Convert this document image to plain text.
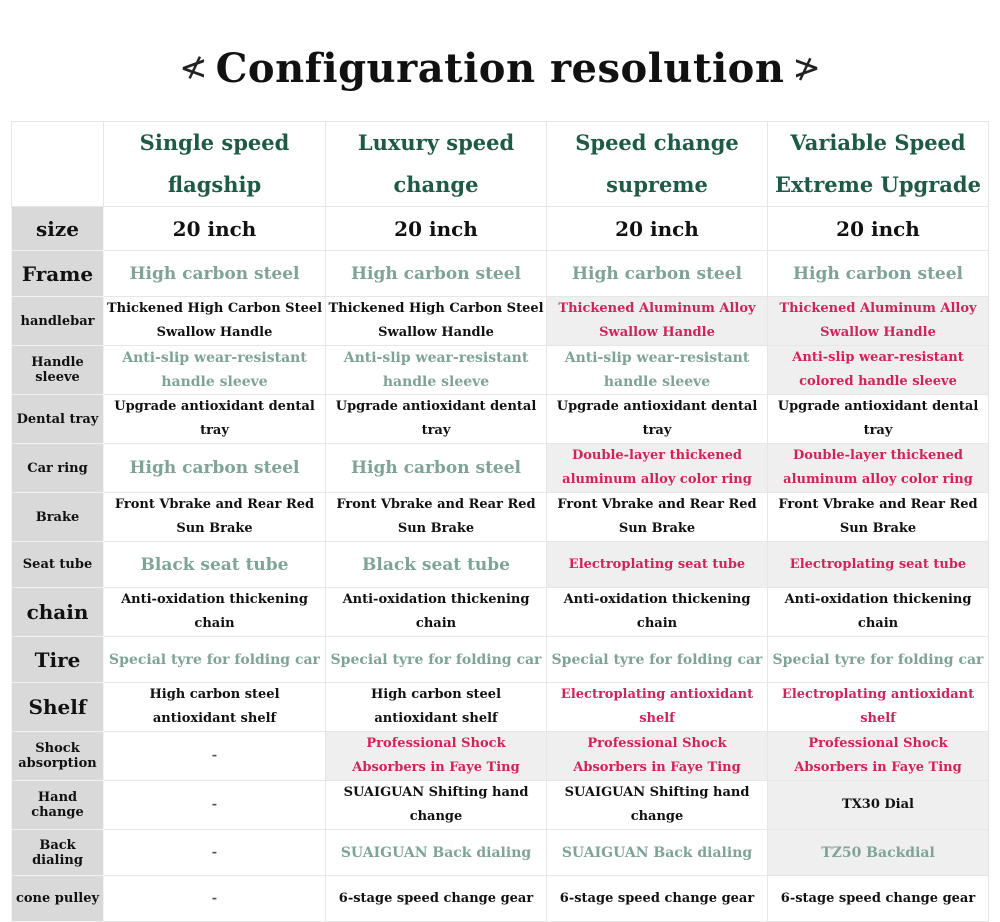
≮ Configuration resolution ≯
	Single speed flagship	Luxury speed change	Speed change supreme	Variable Speed Extreme Upgrade
size	20 inch	20 inch	20 inch	20 inch
Frame	High carbon steel	High carbon steel	High carbon steel	High carbon steel
handlebar	Thickened High Carbon Steel Swallow Handle	Thickened High Carbon Steel Swallow Handle	Thickened Aluminum Alloy Swallow Handle	Thickened Aluminum Alloy Swallow Handle
Handle sleeve	Anti-slip wear-resistant handle sleeve	Anti-slip wear-resistant handle sleeve	Anti-slip wear-resistant handle sleeve	Anti-slip wear-resistant colored handle sleeve
Dental tray	Upgrade antioxidant dental tray	Upgrade antioxidant dental tray	Upgrade antioxidant dental tray	Upgrade antioxidant dental tray
Car ring	High carbon steel	High carbon steel	Double-layer thickened aluminum alloy color ring	Double-layer thickened aluminum alloy color ring
Brake	Front Vbrake and Rear Red Sun Brake	Front Vbrake and Rear Red Sun Brake	Front Vbrake and Rear Red Sun Brake	Front Vbrake and Rear Red Sun Brake
Seat tube	Black seat tube	Black seat tube	Electroplating seat tube	Electroplating seat tube
chain	Anti-oxidation thickening chain	Anti-oxidation thickening chain	Anti-oxidation thickening chain	Anti-oxidation thickening chain
Tire	Special tyre for folding car	Special tyre for folding car	Special tyre for folding car	Special tyre for folding car
Shelf	High carbon steel antioxidant shelf	High carbon steel antioxidant shelf	Electroplating antioxidant shelf	Electroplating antioxidant shelf
Shock absorption	-	Professional Shock Absorbers in Faye Ting	Professional Shock Absorbers in Faye Ting	Professional Shock Absorbers in Faye Ting
Hand change	-	SUAIGUAN Shifting hand change	SUAIGUAN Shifting hand change	TX30 Dial
Back dialing	-	SUAIGUAN Back dialing	SUAIGUAN Back dialing	TZ50 Backdial
cone pulley	-	6-stage speed change gear	6-stage speed change gear	6-stage speed change gear
